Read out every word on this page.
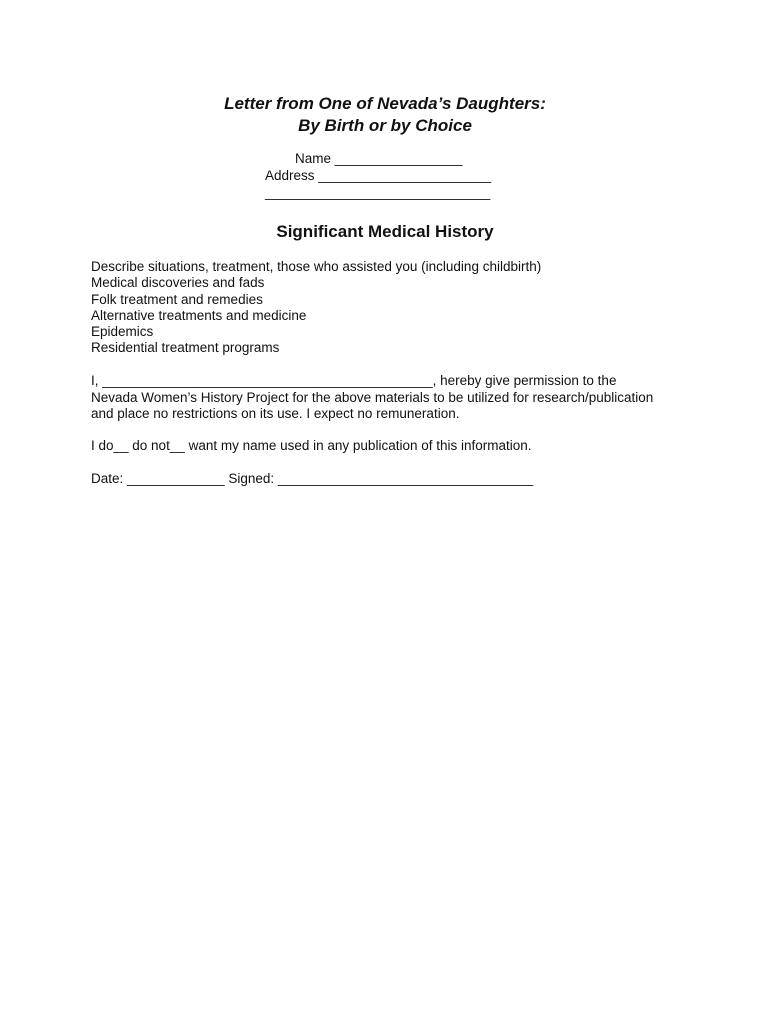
Letter from One of Nevada’s Daughters:
By Birth or by Choice
Name _________________
Address _______________________
______________________________
Significant Medical History
Describe situations, treatment, those who assisted you (including childbirth)
Medical discoveries and fads
Folk treatment and remedies
Alternative treatments and medicine
Epidemics
Residential treatment programs

I, ____________________________________________, hereby give permission to the
Nevada Women’s History Project for the above materials to be utilized for research/publication
and place no restrictions on its use. I expect no remuneration.

I do__ do not__ want my name used in any publication of this information.

Date: _____________ Signed: __________________________________
